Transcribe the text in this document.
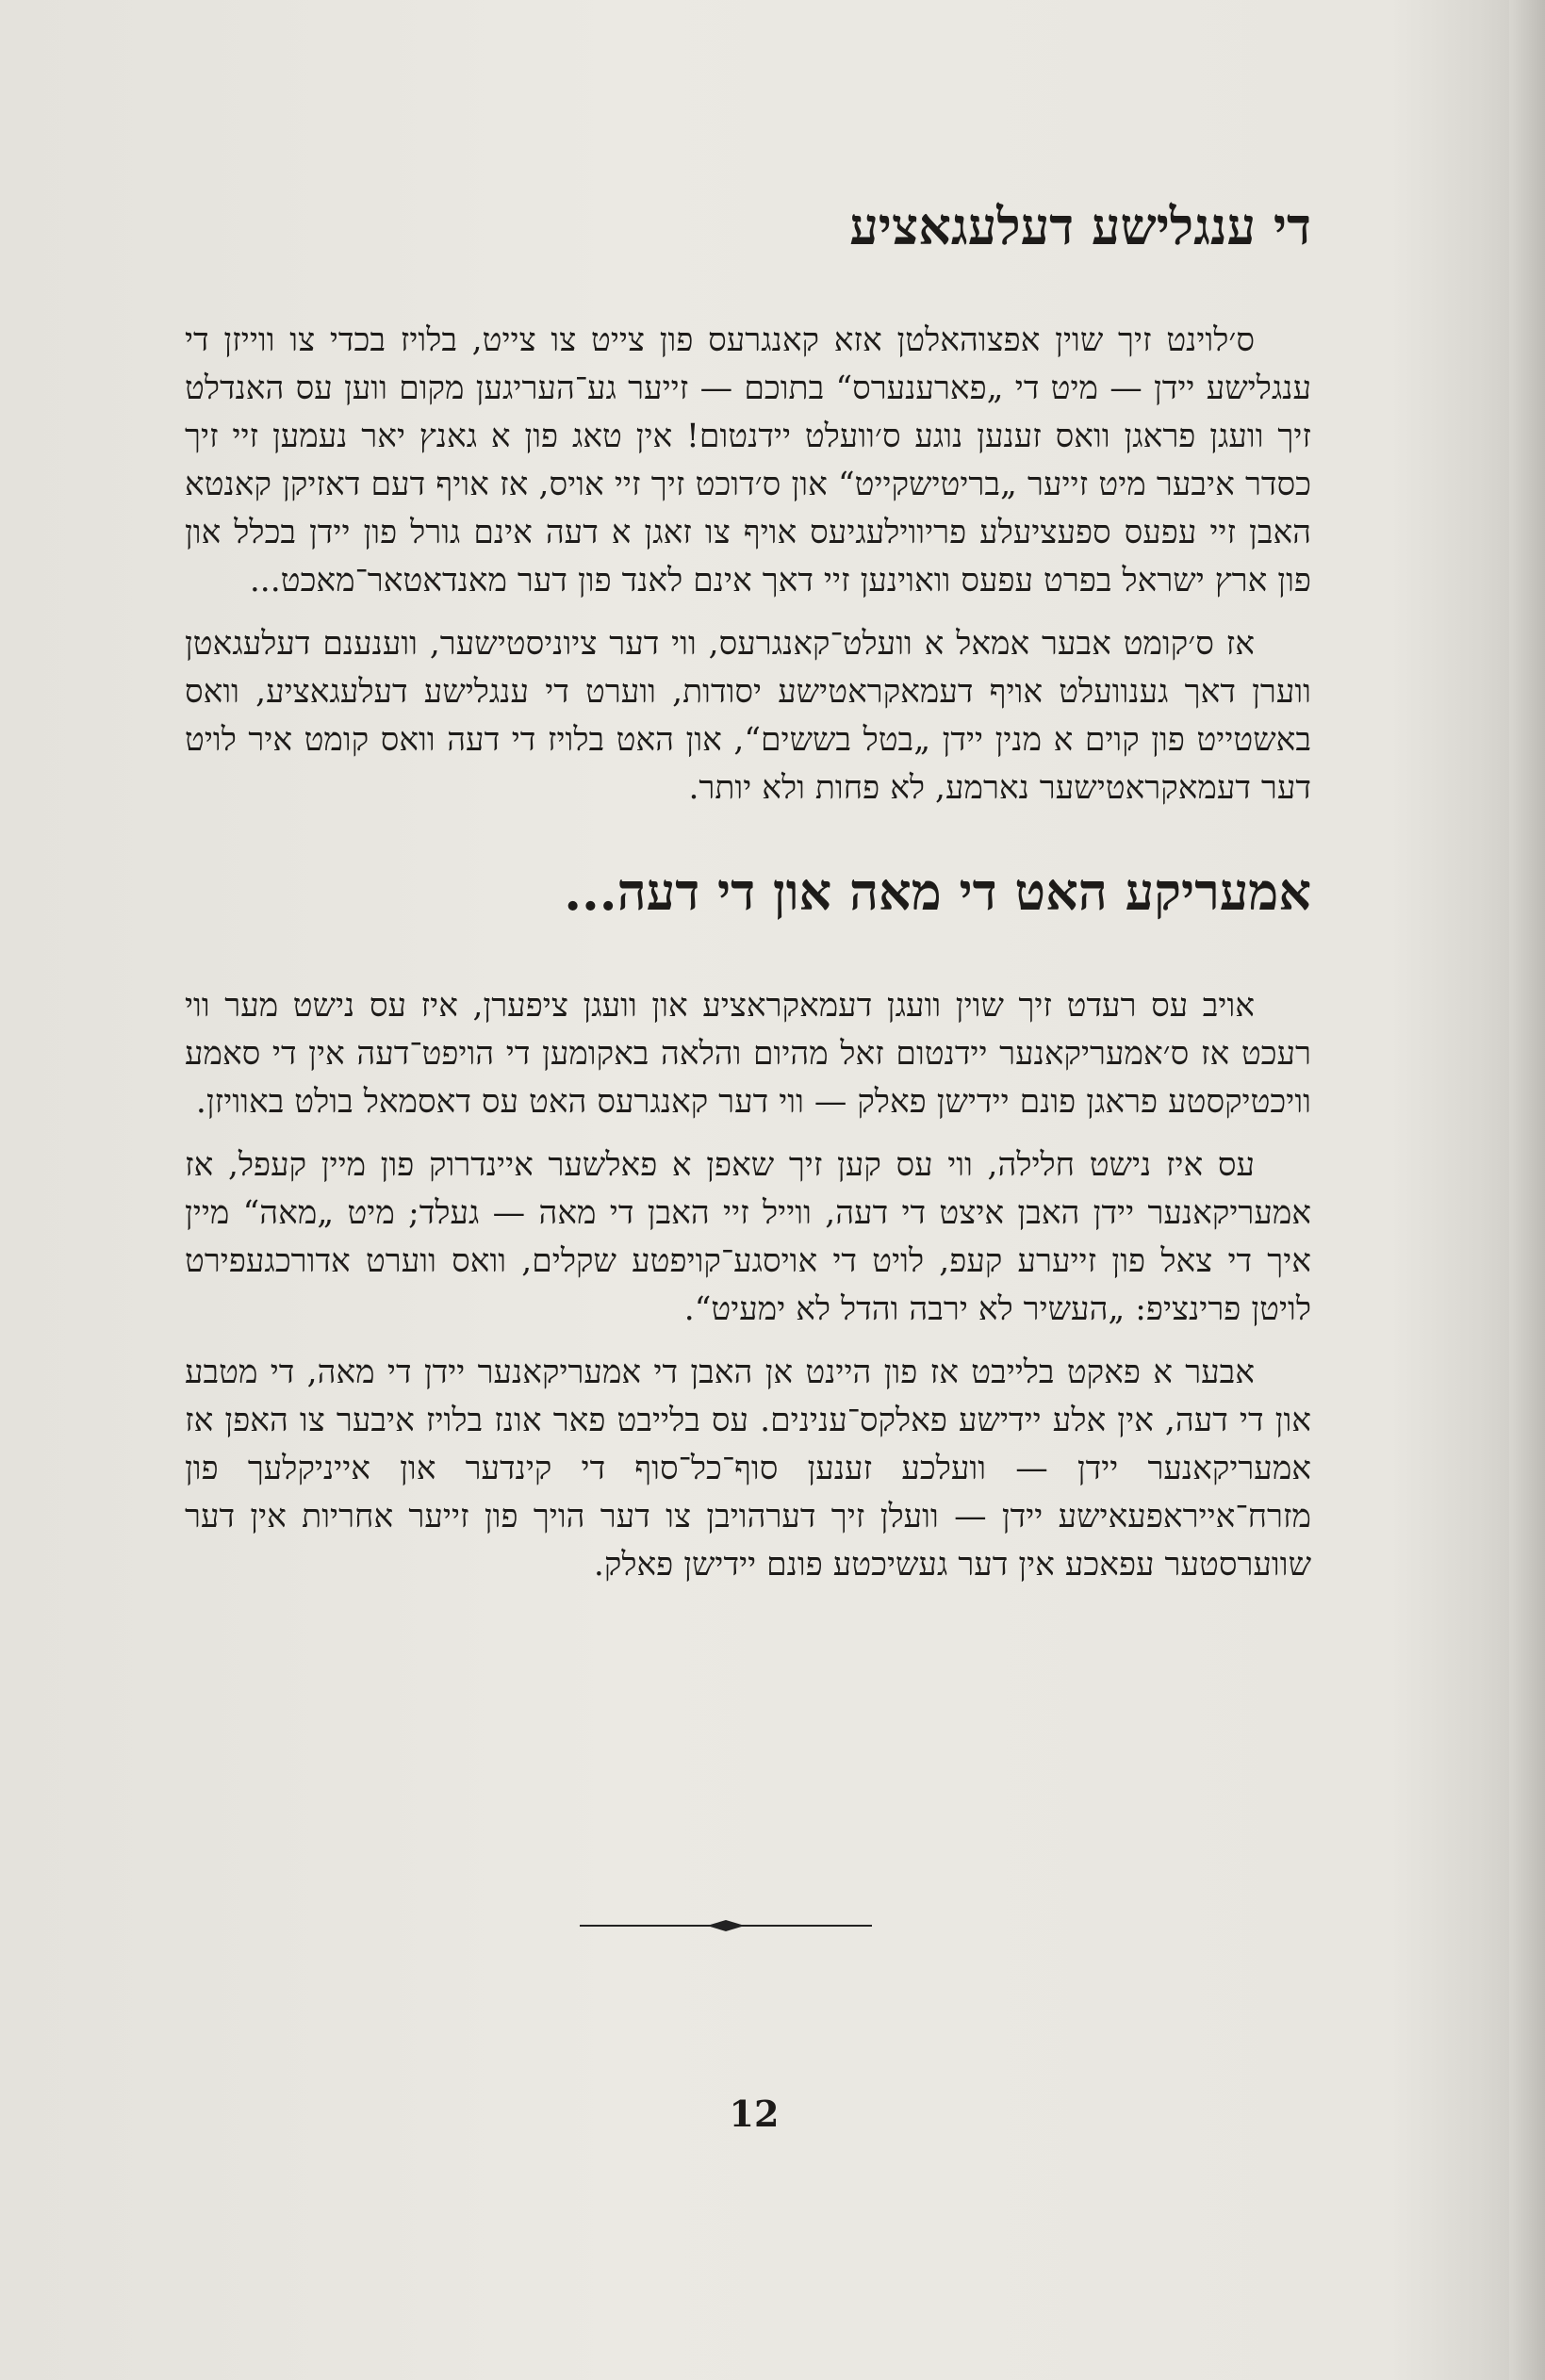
די ענגלישע דעלעגאציע

ס׳לוינט זיך שוין אפצוהאלטן אזא קאנגרעס פון צייט צו צייט, בלויז בכדי צו ווייזן די ענגלישע יידן — מיט די „פארענערס“ בתוכם — זייער גע־העריגען מקום ווען עס האנדלט זיך וועגן פראגן וואס זענען נוגע ס׳וועלט יידנטום! אין טאג פון א גאנץ יאר נעמען זיי זיך כסדר איבער מיט זייער „בריטישקייט“ און ס׳דוכט זיך זיי אויס, אז אויף דעם דאזיקן קאנטא האבן זיי עפעס ספעציעלע פריווילעגיעס אויף צו זאגן א דעה אינם גורל פון יידן בכלל און פון ארץ ישראל בפרט עפעס וואוינען זיי דאך אינם לאנד פון דער מאנדאטאר־מאכט...

אז ס׳קומט אבער אמאל א וועלט־קאנגרעס, ווי דער ציוניסטישער, ווענענם דעלעגאטן ווערן דאך גענוועלט אויף דעמאקראטישע יסודות, ווערט די ענגלישע דעלעגאציע, וואס באשטייט פון קוים א מנין יידן „בטל בששים“, און האט בלויז די דעה וואס קומט איר לויט דער דעמאקראטישער נארמע, לא פחות ולא יותר.

אמעריקע האט די מאה און די דעה...

אויב עס רעדט זיך שוין וועגן דעמאקראציע און וועגן ציפערן, איז עס נישט מער ווי רעכט אז ס׳אמעריקאנער יידנטום זאל מהיום והלאה באקומען די הויפט־דעה אין די סאמע וויכטיקסטע פראגן פונם יידישן פאלק — ווי דער קאנגרעס האט עס דאסמאל בולט באוויזן.

עס איז נישט חלילה, ווי עס קען זיך שאפן א פאלשער איינדרוק פון מיין קעפל, אז אמעריקאנער יידן האבן איצט די דעה, ווייל זיי האבן די מאה — געלד; מיט „מאה“ מיין איך די צאל פון זייערע קעפ, לויט די אויסגע־קויפטע שקלים, וואס ווערט אדורכגעפירט לויטן פרינציפ: „העשיר לא ירבה והדל לא ימעיט“.

אבער א פאקט בלייבט אז פון היינט אן האבן די אמעריקאנער יידן די מאה, די מטבע און די דעה, אין אלע יידישע פאלקס־ענינים. עס בלייבט פאר אונז בלויז איבער צו האפן אז אמעריקאנער יידן — וועלכע זענען סוף־כל־סוף די קינדער און אייניקלעך פון מזרח־אייראפעאישע יידן — וועלן זיך דערהויבן צו דער הויך פון זייער אחריות אין דער שווערסטער עפאכע אין דער געשיכטע פונם יידישן פאלק.

12
